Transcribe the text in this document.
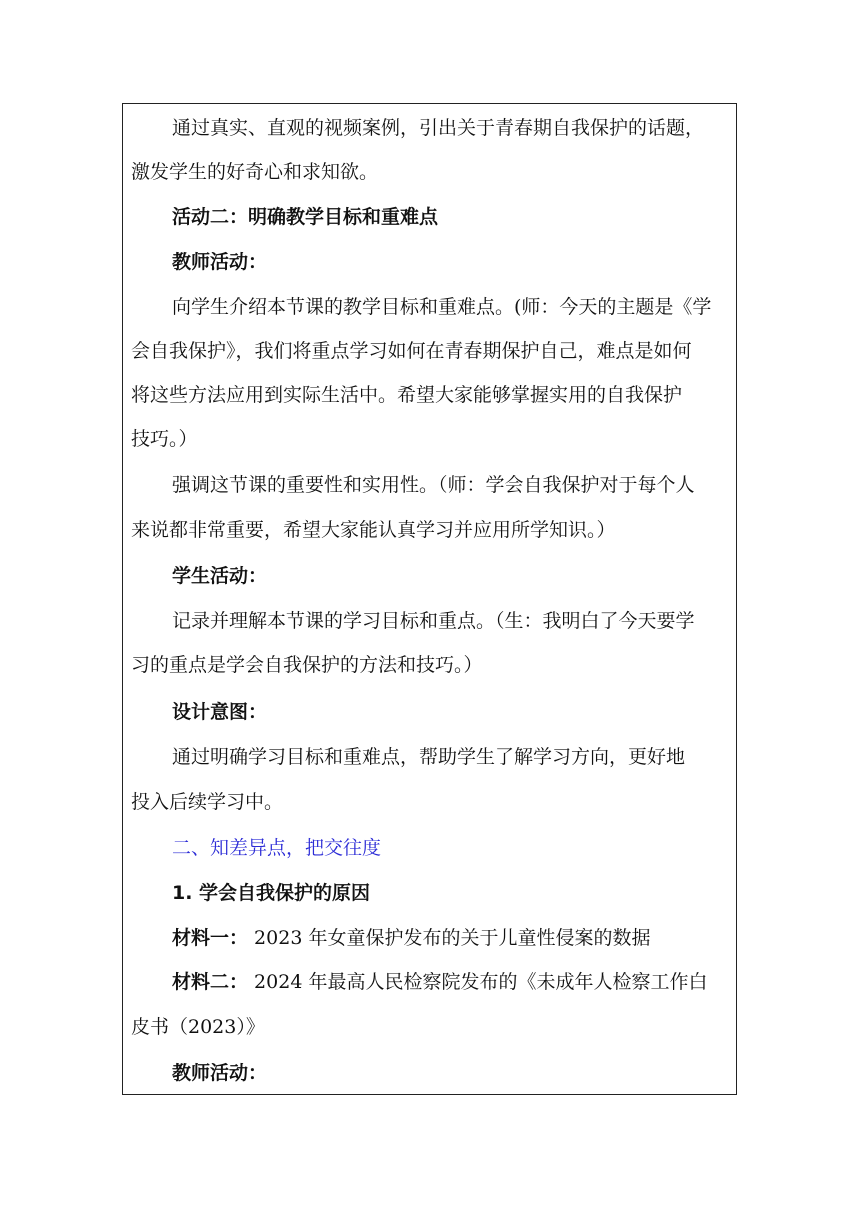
通过真实、直观的视频案例，引出关于青春期自我保护的话题，
激发学生的好奇心和求知欲。
活动二：明确教学目标和重难点
教师活动：
向学生介绍本节课的教学目标和重难点。(师：今天的主题是《学
会自我保护》，我们将重点学习如何在青春期保护自己，难点是如何
将这些方法应用到实际生活中。希望大家能够掌握实用的自我保护
技巧。）
强调这节课的重要性和实用性。（师：学会自我保护对于每个人
来说都非常重要，希望大家能认真学习并应用所学知识。）
学生活动：
记录并理解本节课的学习目标和重点。（生：我明白了今天要学
习的重点是学会自我保护的方法和技巧。）
设计意图：
通过明确学习目标和重难点，帮助学生了解学习方向，更好地
投入后续学习中。
二、知差异点，把交往度
1. 学会自我保护的原因
材料一： 2023 年女童保护发布的关于儿童性侵案的数据
材料二： 2024 年最高人民检察院发布的《未成年人检察工作白
皮书（2023）》
教师活动：
